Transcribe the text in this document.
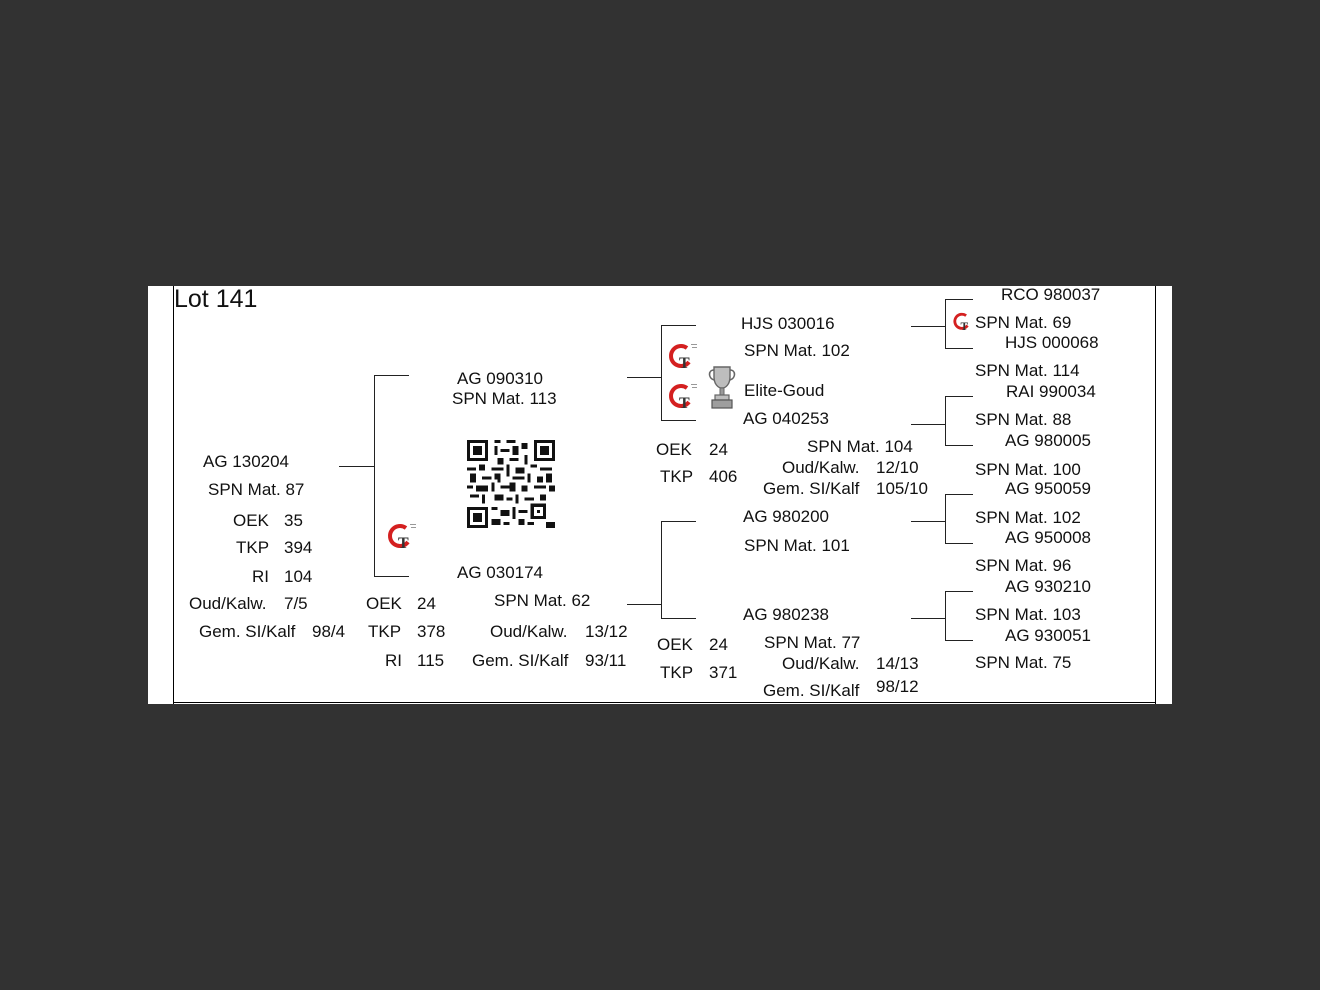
Lot 141
AG 130204
SPN Mat. 87
OEK 35
TKP 394
RI 104
Oud/Kalw. 7/5
Gem. SI/Kalf 98/4
AG 090310
SPN Mat. 113
T
OEK 24
TKP 378
RI 115
AG 030174
SPN Mat. 62
Oud/Kalw. 13/12
Gem. SI/Kalf 93/11
T
T
HJS 030016
SPN Mat. 102
Elite-Goud
AG 040253
SPN Mat. 104
Oud/Kalw. 12/10
Gem. SI/Kalf 105/10
OEK 24
TKP 406
AG 980200
SPN Mat. 101
AG 980238
SPN Mat. 77
Oud/Kalw. 14/13
Gem. SI/Kalf 98/12
OEK 24
TKP 371
T
RCO 980037
SPN Mat. 69
HJS 000068
SPN Mat. 114
RAI 990034
SPN Mat. 88
AG 980005
SPN Mat. 100
AG 950059
SPN Mat. 102
AG 950008
SPN Mat. 96
AG 930210
SPN Mat. 103
AG 930051
SPN Mat. 75
